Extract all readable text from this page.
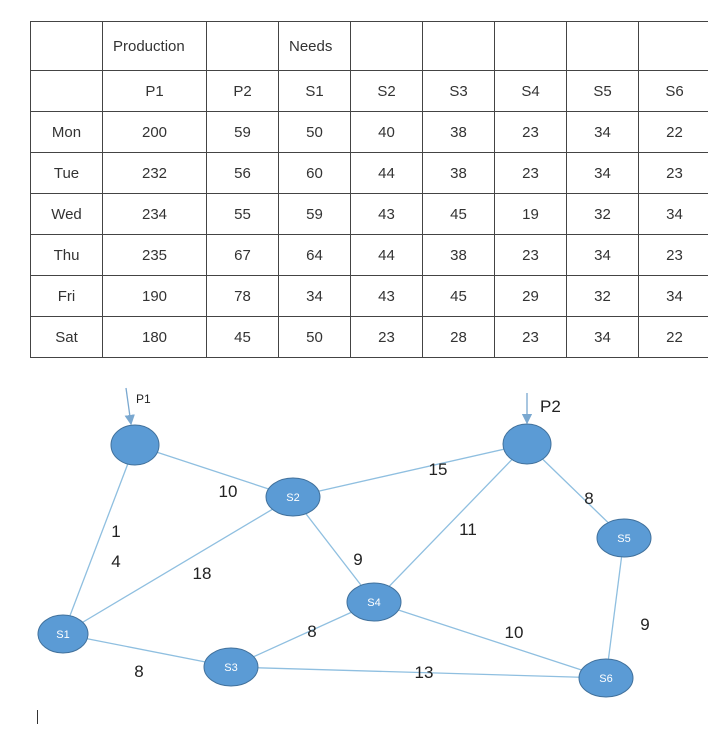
	Production		Needs					
	P1	P2	S1	S2	S3	S4	S5	S6
Mon	200	59	50	40	38	23	34	22
Tue	232	56	60	44	38	23	34	23
Wed	234	55	59	43	45	19	32	34
Thu	235	67	64	44	38	23	34	23
Fri	190	78	34	43	45	29	32	34
Sat	180	45	50	23	28	23	34	22
P1	P2
S1
S2
S3
S4
S5
S6
10
1 4
18
15
9
11
8
8	10	9
8	13
